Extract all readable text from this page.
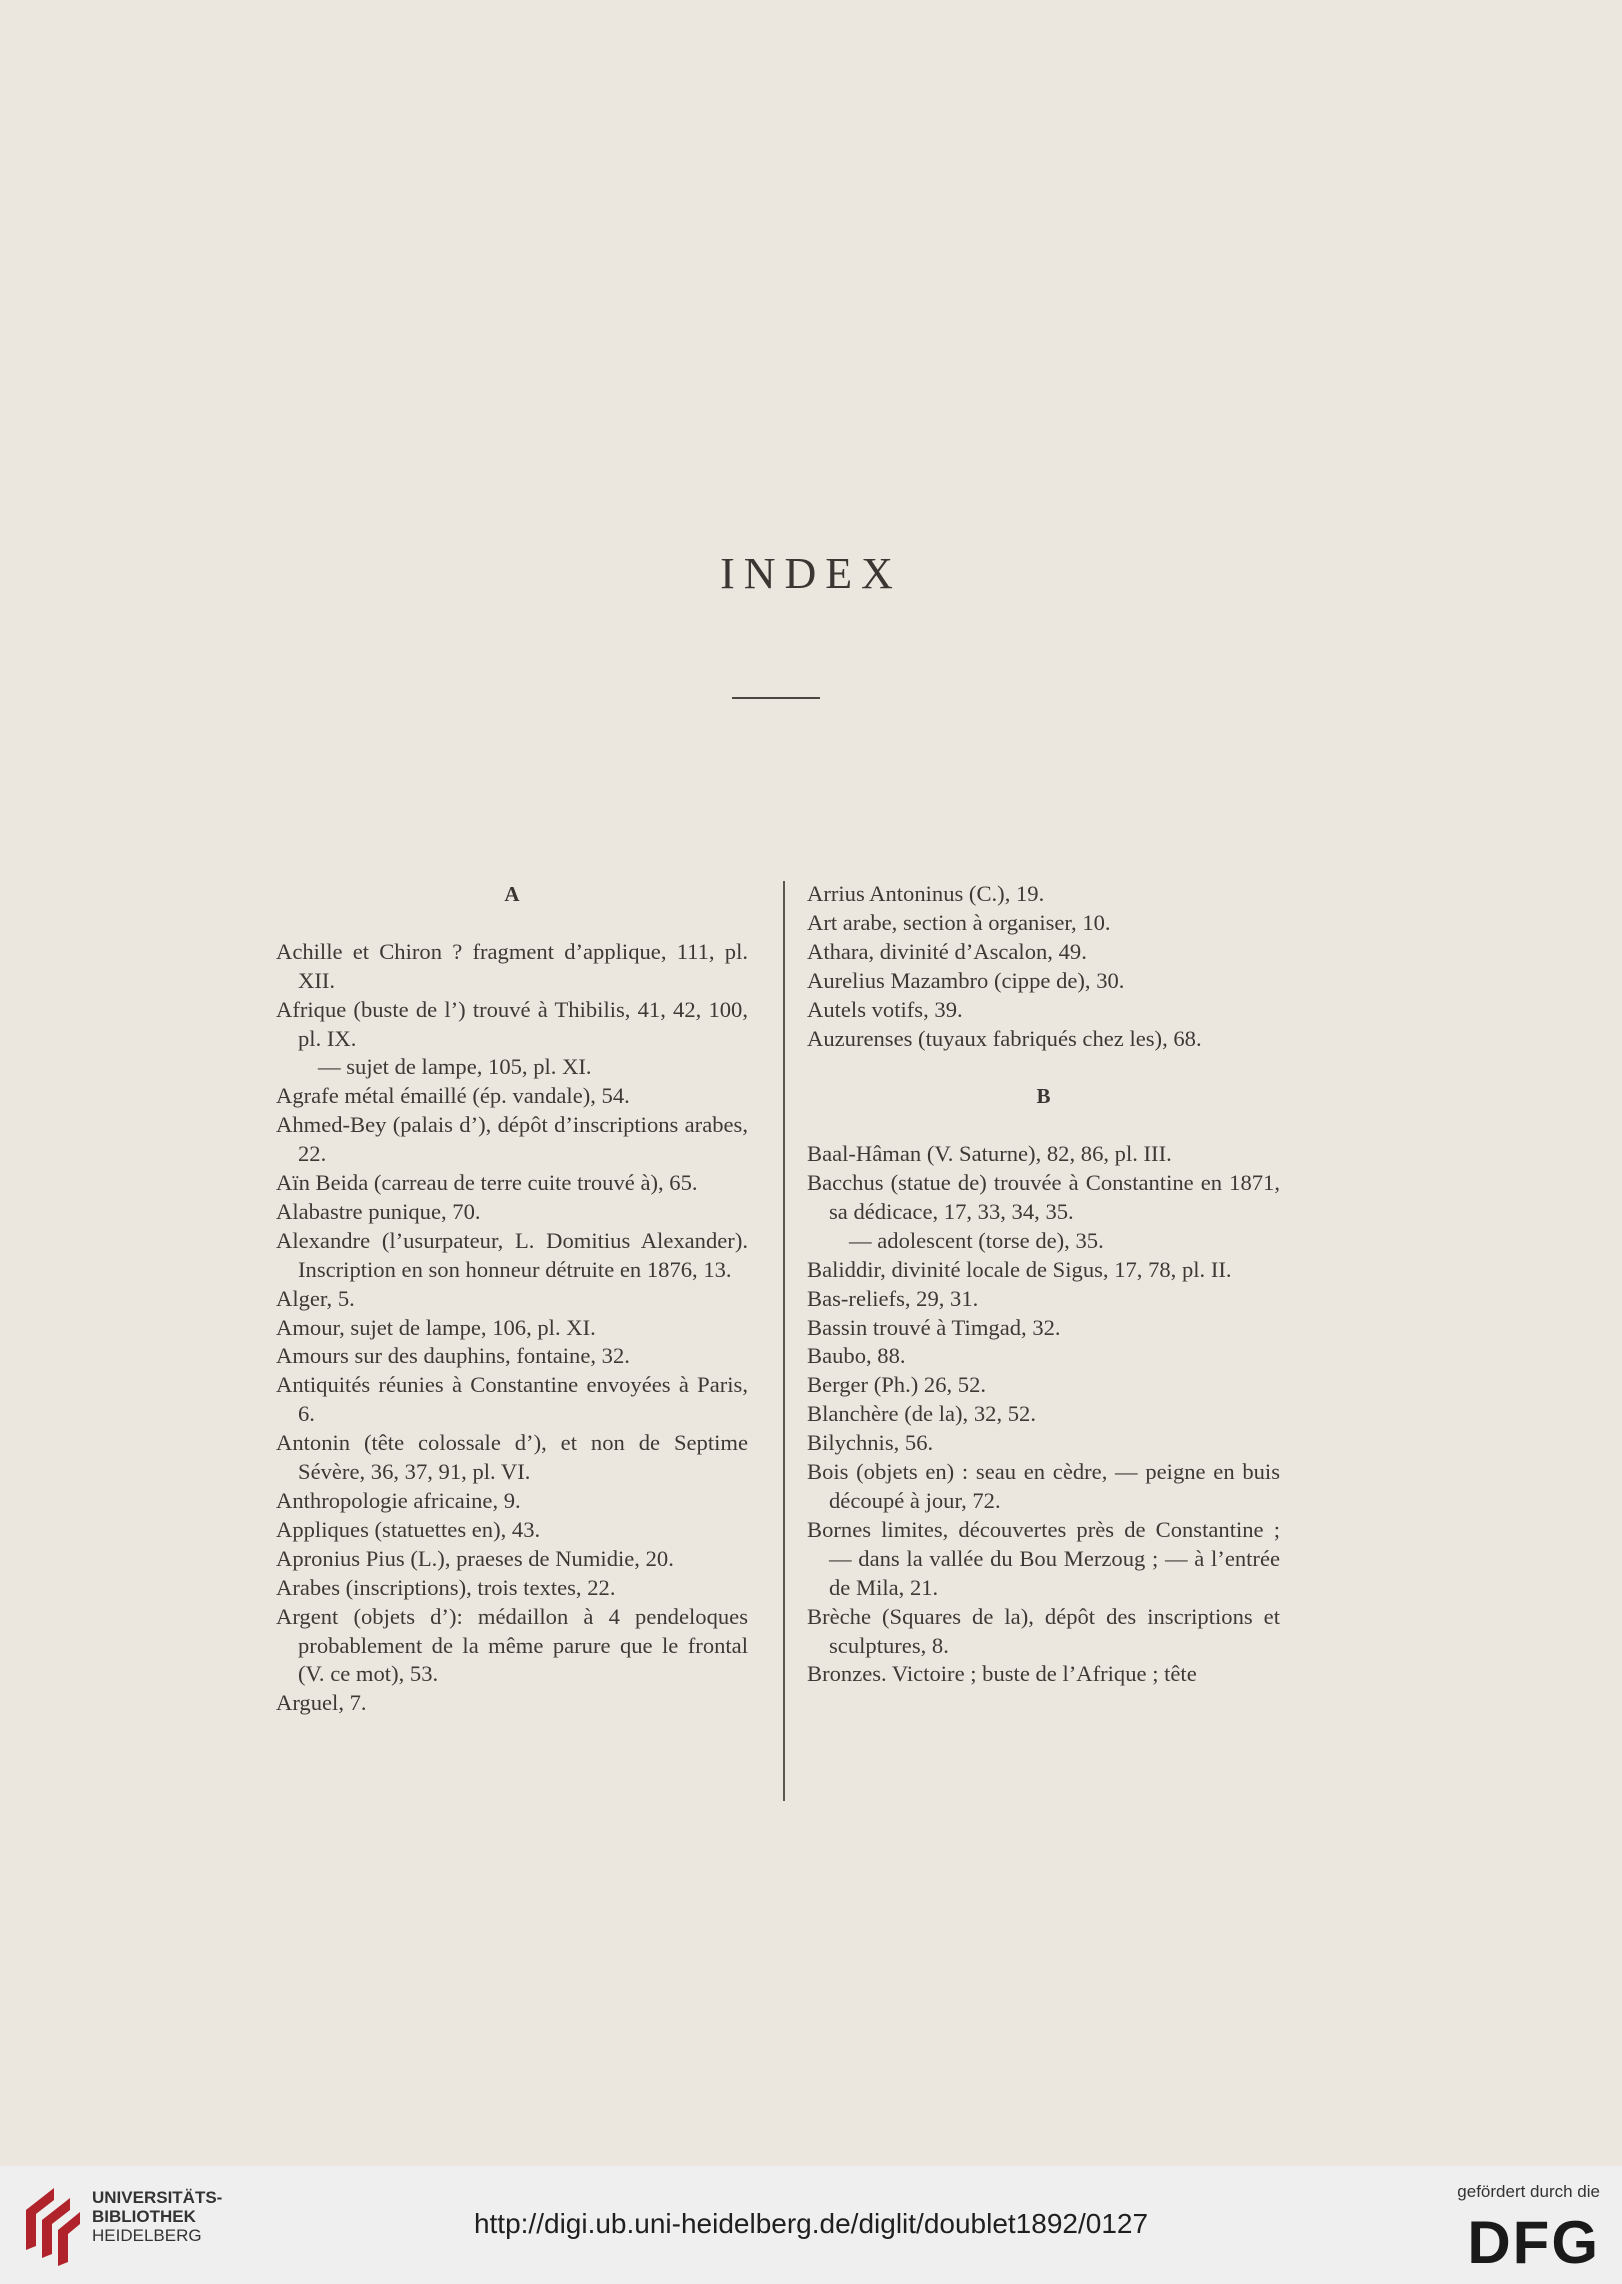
INDEX
A
Achille et Chiron ? fragment d’applique, 111, pl. XII.
Afrique (buste de l’) trouvé à Thibilis, 41, 42, 100, pl. IX.
— sujet de lampe, 105, pl. XI.
Agrafe métal émaillé (ép. vandale), 54.
Ahmed-Bey (palais d’), dépôt d’inscriptions arabes, 22.
Aïn Beida (carreau de terre cuite trouvé à), 65.
Alabastre punique, 70.
Alexandre (l’usurpateur, L. Domitius Alexander). Inscription en son honneur détruite en 1876, 13.
Alger, 5.
Amour, sujet de lampe, 106, pl. XI.
Amours sur des dauphins, fontaine, 32.
Antiquités réunies à Constantine envoyées à Paris, 6.
Antonin (tête colossale d’), et non de Septime Sévère, 36, 37, 91, pl. VI.
Anthropologie africaine, 9.
Appliques (statuettes en), 43.
Apronius Pius (L.), praeses de Numidie, 20.
Arabes (inscriptions), trois textes, 22.
Argent (objets d’): médaillon à 4 pendeloques probablement de la même parure que le frontal (V. ce mot), 53.
Arguel, 7.
Arrius Antoninus (C.), 19.
Art arabe, section à organiser, 10.
Athara, divinité d’Ascalon, 49.
Aurelius Mazambro (cippe de), 30.
Autels votifs, 39.
Auzurenses (tuyaux fabriqués chez les), 68.
B
Baal-Hâman (V. Saturne), 82, 86, pl. III.
Bacchus (statue de) trouvée à Constantine en 1871, sa dédicace, 17, 33, 34, 35.
— adolescent (torse de), 35.
Baliddir, divinité locale de Sigus, 17, 78, pl. II.
Bas-reliefs, 29, 31.
Bassin trouvé à Timgad, 32.
Baubo, 88.
Berger (Ph.) 26, 52.
Blanchère (de la), 32, 52.
Bilychnis, 56.
Bois (objets en) : seau en cèdre, — peigne en buis découpé à jour, 72.
Bornes limites, découvertes près de Constantine ; — dans la vallée du Bou Merzoug ; — à l’entrée de Mila, 21.
Brèche (Squares de la), dépôt des inscriptions et sculptures, 8.
Bronzes. Victoire ; buste de l’Afrique ; tête
UNIVERSITÄTS-
BIBLIOTHEK
HEIDELBERG	http://digi.ub.uni-heidelberg.de/diglit/doublet1892/0127
gefördert durch die
DFG
